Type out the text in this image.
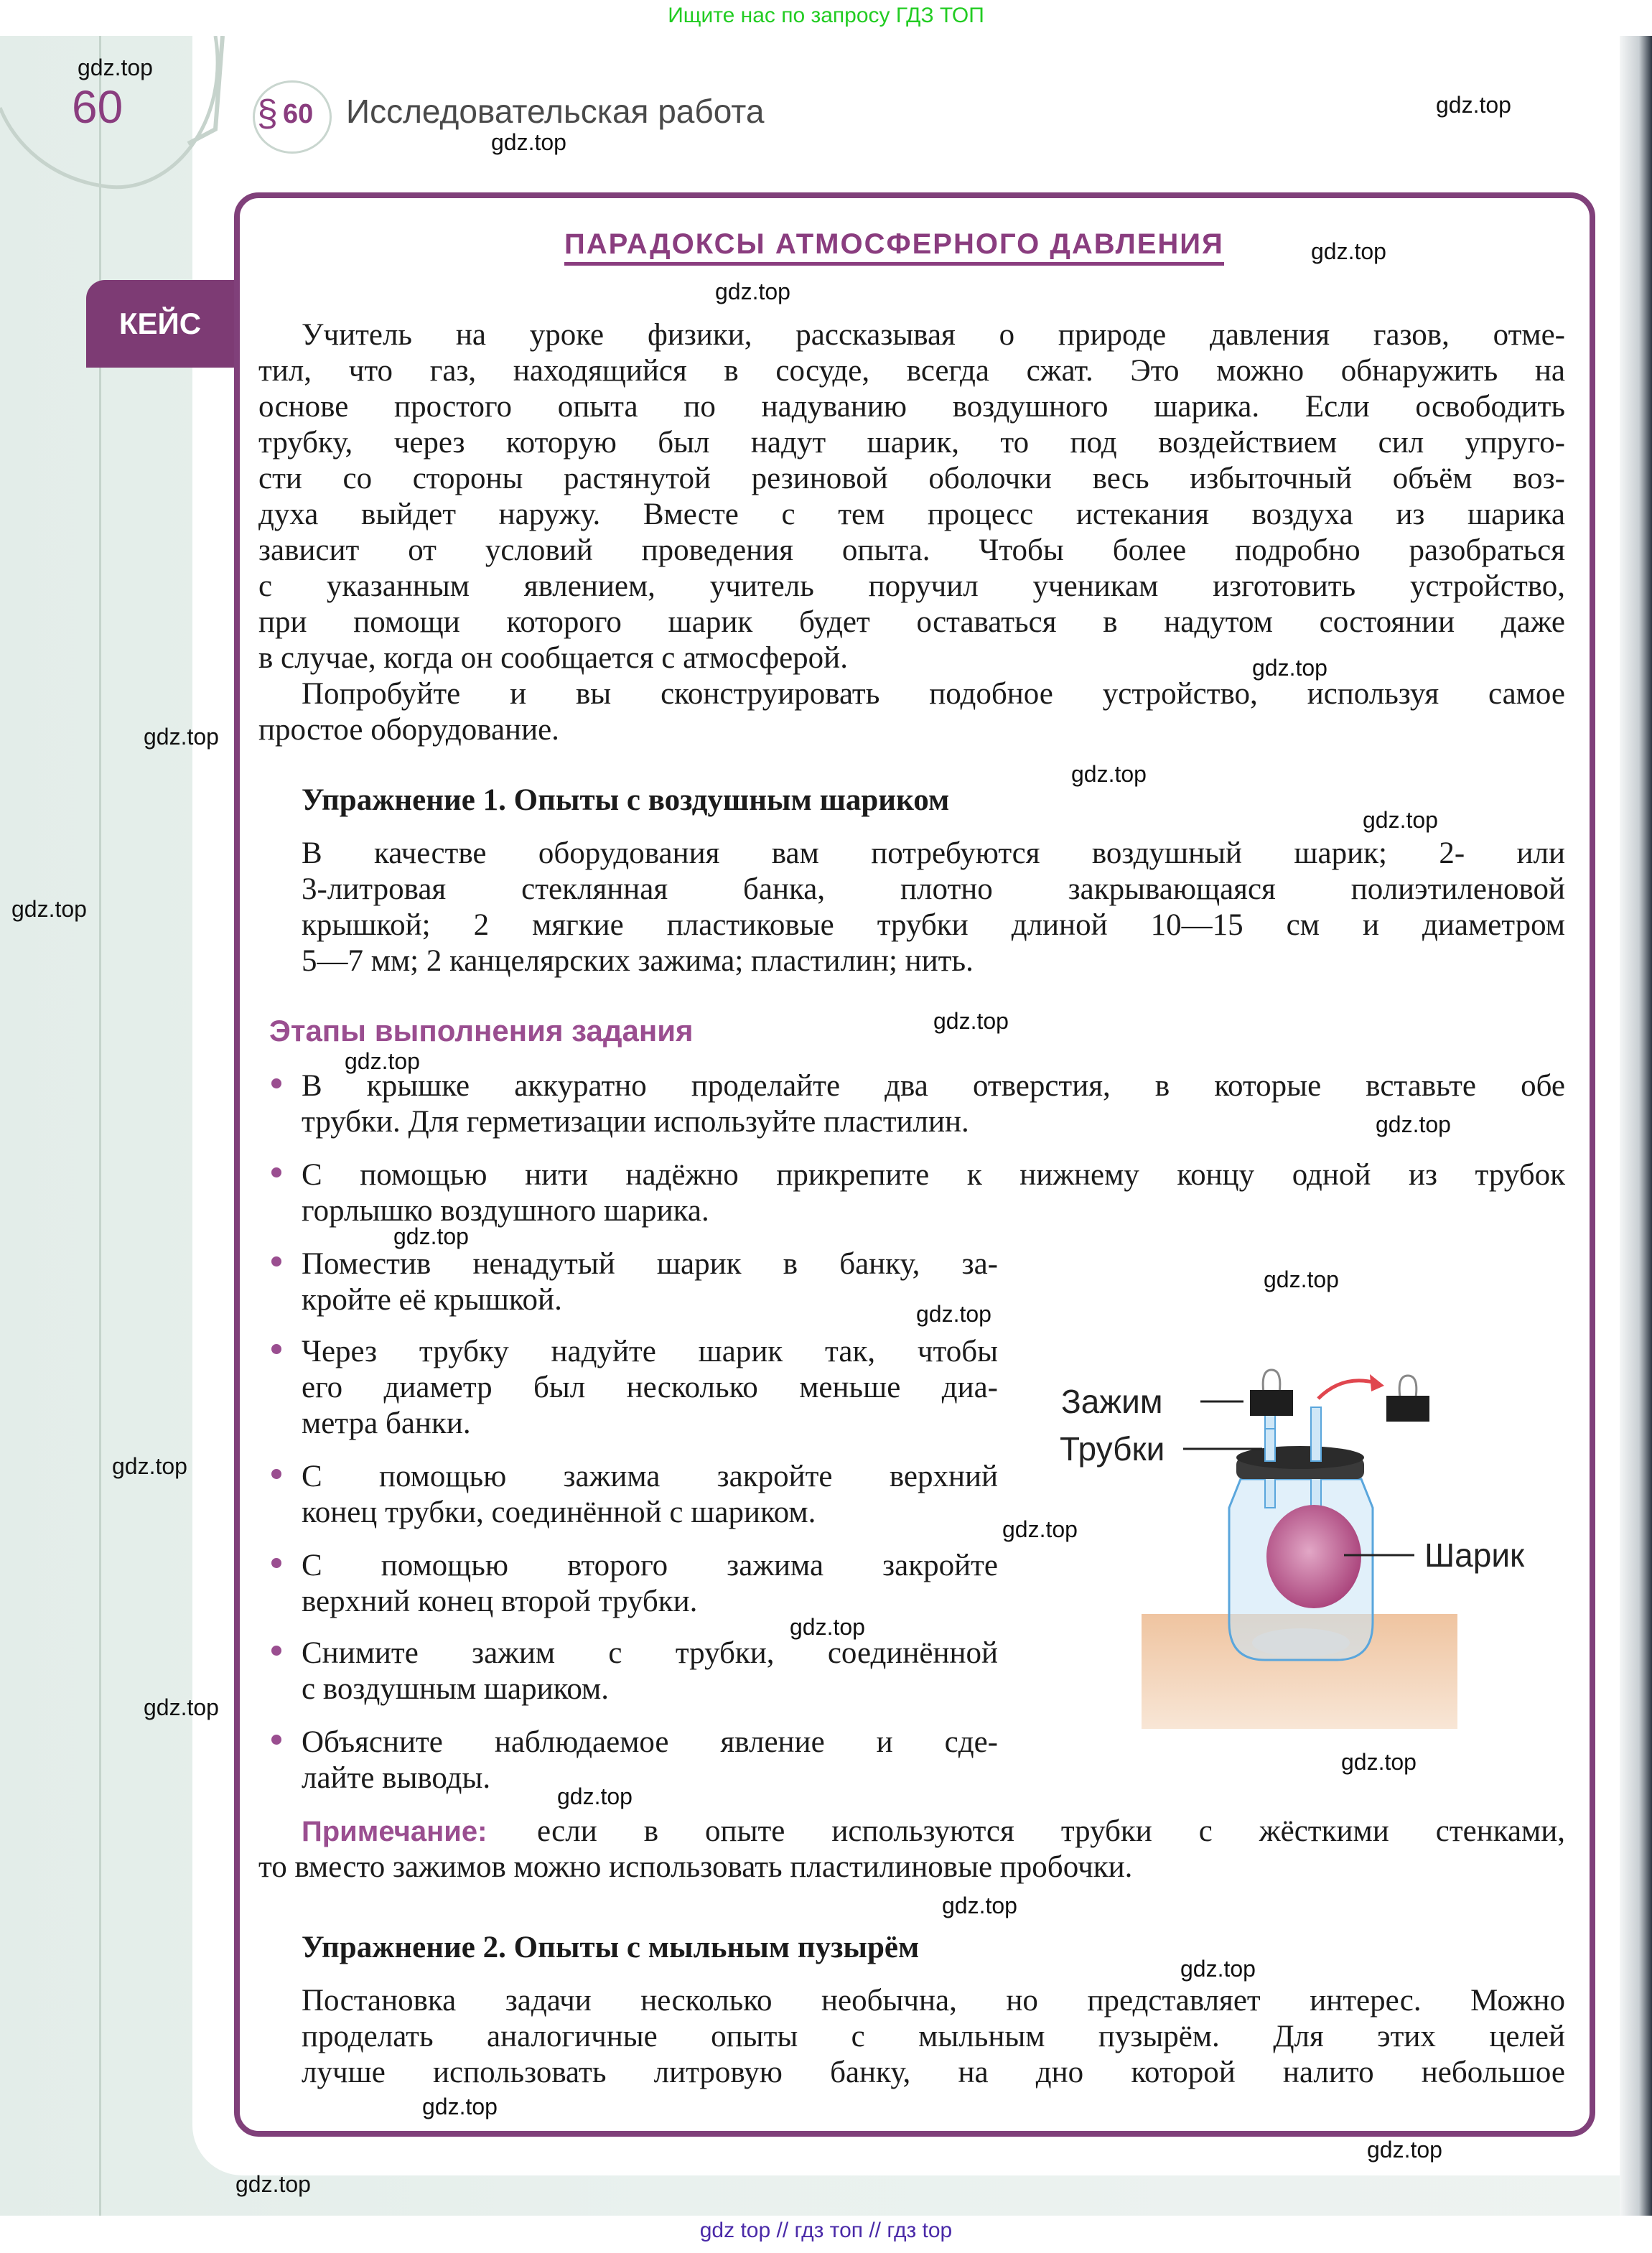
Ищите нас по запросу ГДЗ ТОП
60	§ 60 Исследовательская работа
КЕЙС
ПАРАДОКСЫ АТМОСФЕРНОГО ДАВЛЕНИЯ
Этапы выполнения задания
Учитель на уроке физики, рассказывая о природе давления газов, отме-
тил, что газ, находящийся в сосуде, всегда сжат. Это можно обнаружить на
основе простого опыта по надуванию воздушного шарика. Если освободить
трубку, через которую был надут шарик, то под воздействием сил упруго-
сти со стороны растянутой резиновой оболочки весь избыточный объём воз-
духа выйдет наружу. Вместе с тем процесс истекания воздуха из шарика
зависит от условий проведения опыта. Чтобы более подробно разобраться
с указанным явлением, учитель поручил ученикам изготовить устройство,
при помощи которого шарик будет оставаться в надутом состоянии даже
в случае, когда он сообщается с атмосферой.
Попробуйте и вы сконструировать подобное устройство, используя самое
простое оборудование.
Упражнение 1. Опыты с воздушным шариком
В качестве оборудования вам потребуются воздушный шарик; 2- или
3-литровая стеклянная банка, плотно закрывающаяся полиэтиленовой
крышкой; 2 мягкие пластиковые трубки длиной 10—15 см и диаметром
5—7 мм; 2 канцелярских зажима; пластилин; нить.
В крышке аккуратно проделайте два отверстия, в которые вставьте обе
трубки. Для герметизации используйте пластилин.
С помощью нити надёжно прикрепите к нижнему концу одной из трубок
горлышко воздушного шарика.
Поместив ненадутый шарик в банку, за-
кройте её крышкой.
Через трубку надуйте шарик так, чтобы
его диаметр был несколько меньше диа-
метра банки.
С помощью зажима закройте верхний
конец трубки, соединённой с шариком.
С помощью второго зажима закройте
верхний конец второй трубки.
Снимите зажим с трубки, соединённой
с воздушным шариком.
Объясните наблюдаемое явление и сде-
лайте выводы.
если в опыте используются трубки с жёсткими стенками,
Примечание:
то вместо зажимов можно использовать пластилиновые пробочки.
Упражнение 2. Опыты с мыльным пузырём
Постановка задачи несколько необычна, но представляет интерес. Можно
проделать аналогичные опыты с мыльным пузырём. Для этих целей
лучше использовать литровую банку, на дно которой налито небольшое
Зажим
Трубки
Шарик
gdz.top
gdz.top
gdz.top
gdz.top
gdz.top
gdz.top
gdz.top
gdz.top
gdz.top
gdz.top
gdz.top
gdz.top
gdz.top
gdz.top
gdz.top
gdz.top
gdz.top
gdz.top
gdz.top
gdz.top
gdz.top
gdz.top
gdz.top
gdz.top
gdz.top
gdz.top
gdz.top
gdz top // гдз топ // гдз top
